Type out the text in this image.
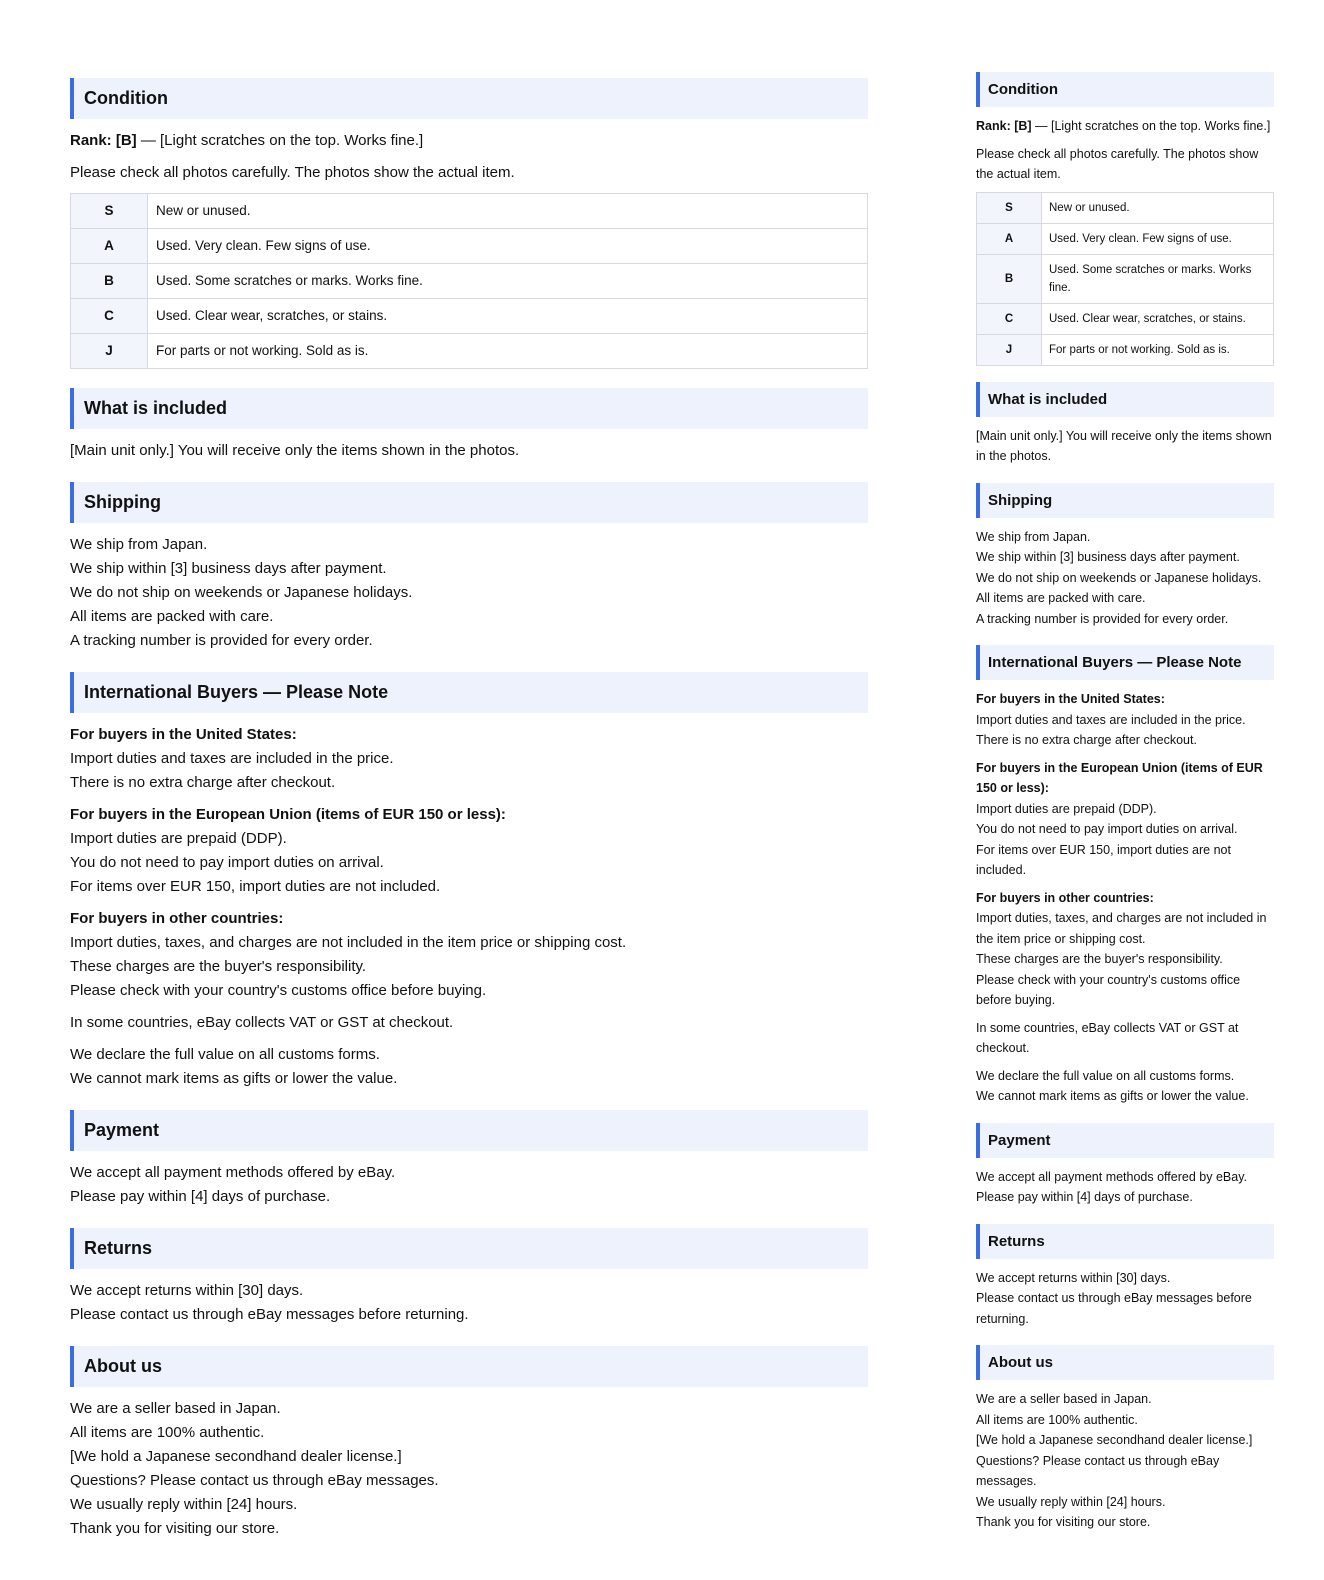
Condition

Rank: [B] — [Light scratches on the top. Works fine.]

Please check all photos carefully. The photos show the actual item.

S	New or unused.
A	Used. Very clean. Few signs of use.
B	Used. Some scratches or marks. Works fine.
C	Used. Clear wear, scratches, or stains.
J	For parts or not working. Sold as is.
What is included

[Main unit only.] You will receive only the items shown in the photos.

Shipping

We ship from Japan.
We ship within [3] business days after payment.
We do not ship on weekends or Japanese holidays.
All items are packed with care.
A tracking number is provided for every order.

International Buyers — Please Note

For buyers in the United States:
Import duties and taxes are included in the price.
There is no extra charge after checkout.

For buyers in the European Union (items of EUR 150 or less):
Import duties are prepaid (DDP).
You do not need to pay import duties on arrival.
For items over EUR 150, import duties are not included.

For buyers in other countries:
Import duties, taxes, and charges are not included in the item price or shipping cost.
These charges are the buyer's responsibility.
Please check with your country's customs office before buying.

In some countries, eBay collects VAT or GST at checkout.

We declare the full value on all customs forms.
We cannot mark items as gifts or lower the value.

Payment

We accept all payment methods offered by eBay.
Please pay within [4] days of purchase.

Returns

We accept returns within [30] days.
Please contact us through eBay messages before returning.

About us

We are a seller based in Japan.
All items are 100% authentic.
[We hold a Japanese secondhand dealer license.]
Questions? Please contact us through eBay messages.
We usually reply within [24] hours.
Thank you for visiting our store.

Condition

Rank: [B] — [Light scratches on the top. Works fine.]

Please check all photos carefully. The photos show the actual item.

S	New or unused.
A	Used. Very clean. Few signs of use.
B	Used. Some scratches or marks. Works fine.
C	Used. Clear wear, scratches, or stains.
J	For parts or not working. Sold as is.
What is included

[Main unit only.] You will receive only the items shown in the photos.

Shipping

We ship from Japan.
We ship within [3] business days after payment.
We do not ship on weekends or Japanese holidays.
All items are packed with care.
A tracking number is provided for every order.

International Buyers — Please Note

For buyers in the United States:
Import duties and taxes are included in the price.
There is no extra charge after checkout.

For buyers in the European Union (items of EUR 150 or less):
Import duties are prepaid (DDP).
You do not need to pay import duties on arrival.
For items over EUR 150, import duties are not included.

For buyers in other countries:
Import duties, taxes, and charges are not included in the item price or shipping cost.
These charges are the buyer's responsibility.
Please check with your country's customs office before buying.

In some countries, eBay collects VAT or GST at checkout.

We declare the full value on all customs forms.
We cannot mark items as gifts or lower the value.

Payment

We accept all payment methods offered by eBay.
Please pay within [4] days of purchase.

Returns

We accept returns within [30] days.
Please contact us through eBay messages before returning.

About us

We are a seller based in Japan.
All items are 100% authentic.
[We hold a Japanese secondhand dealer license.]
Questions? Please contact us through eBay messages.
We usually reply within [24] hours.
Thank you for visiting our store.
